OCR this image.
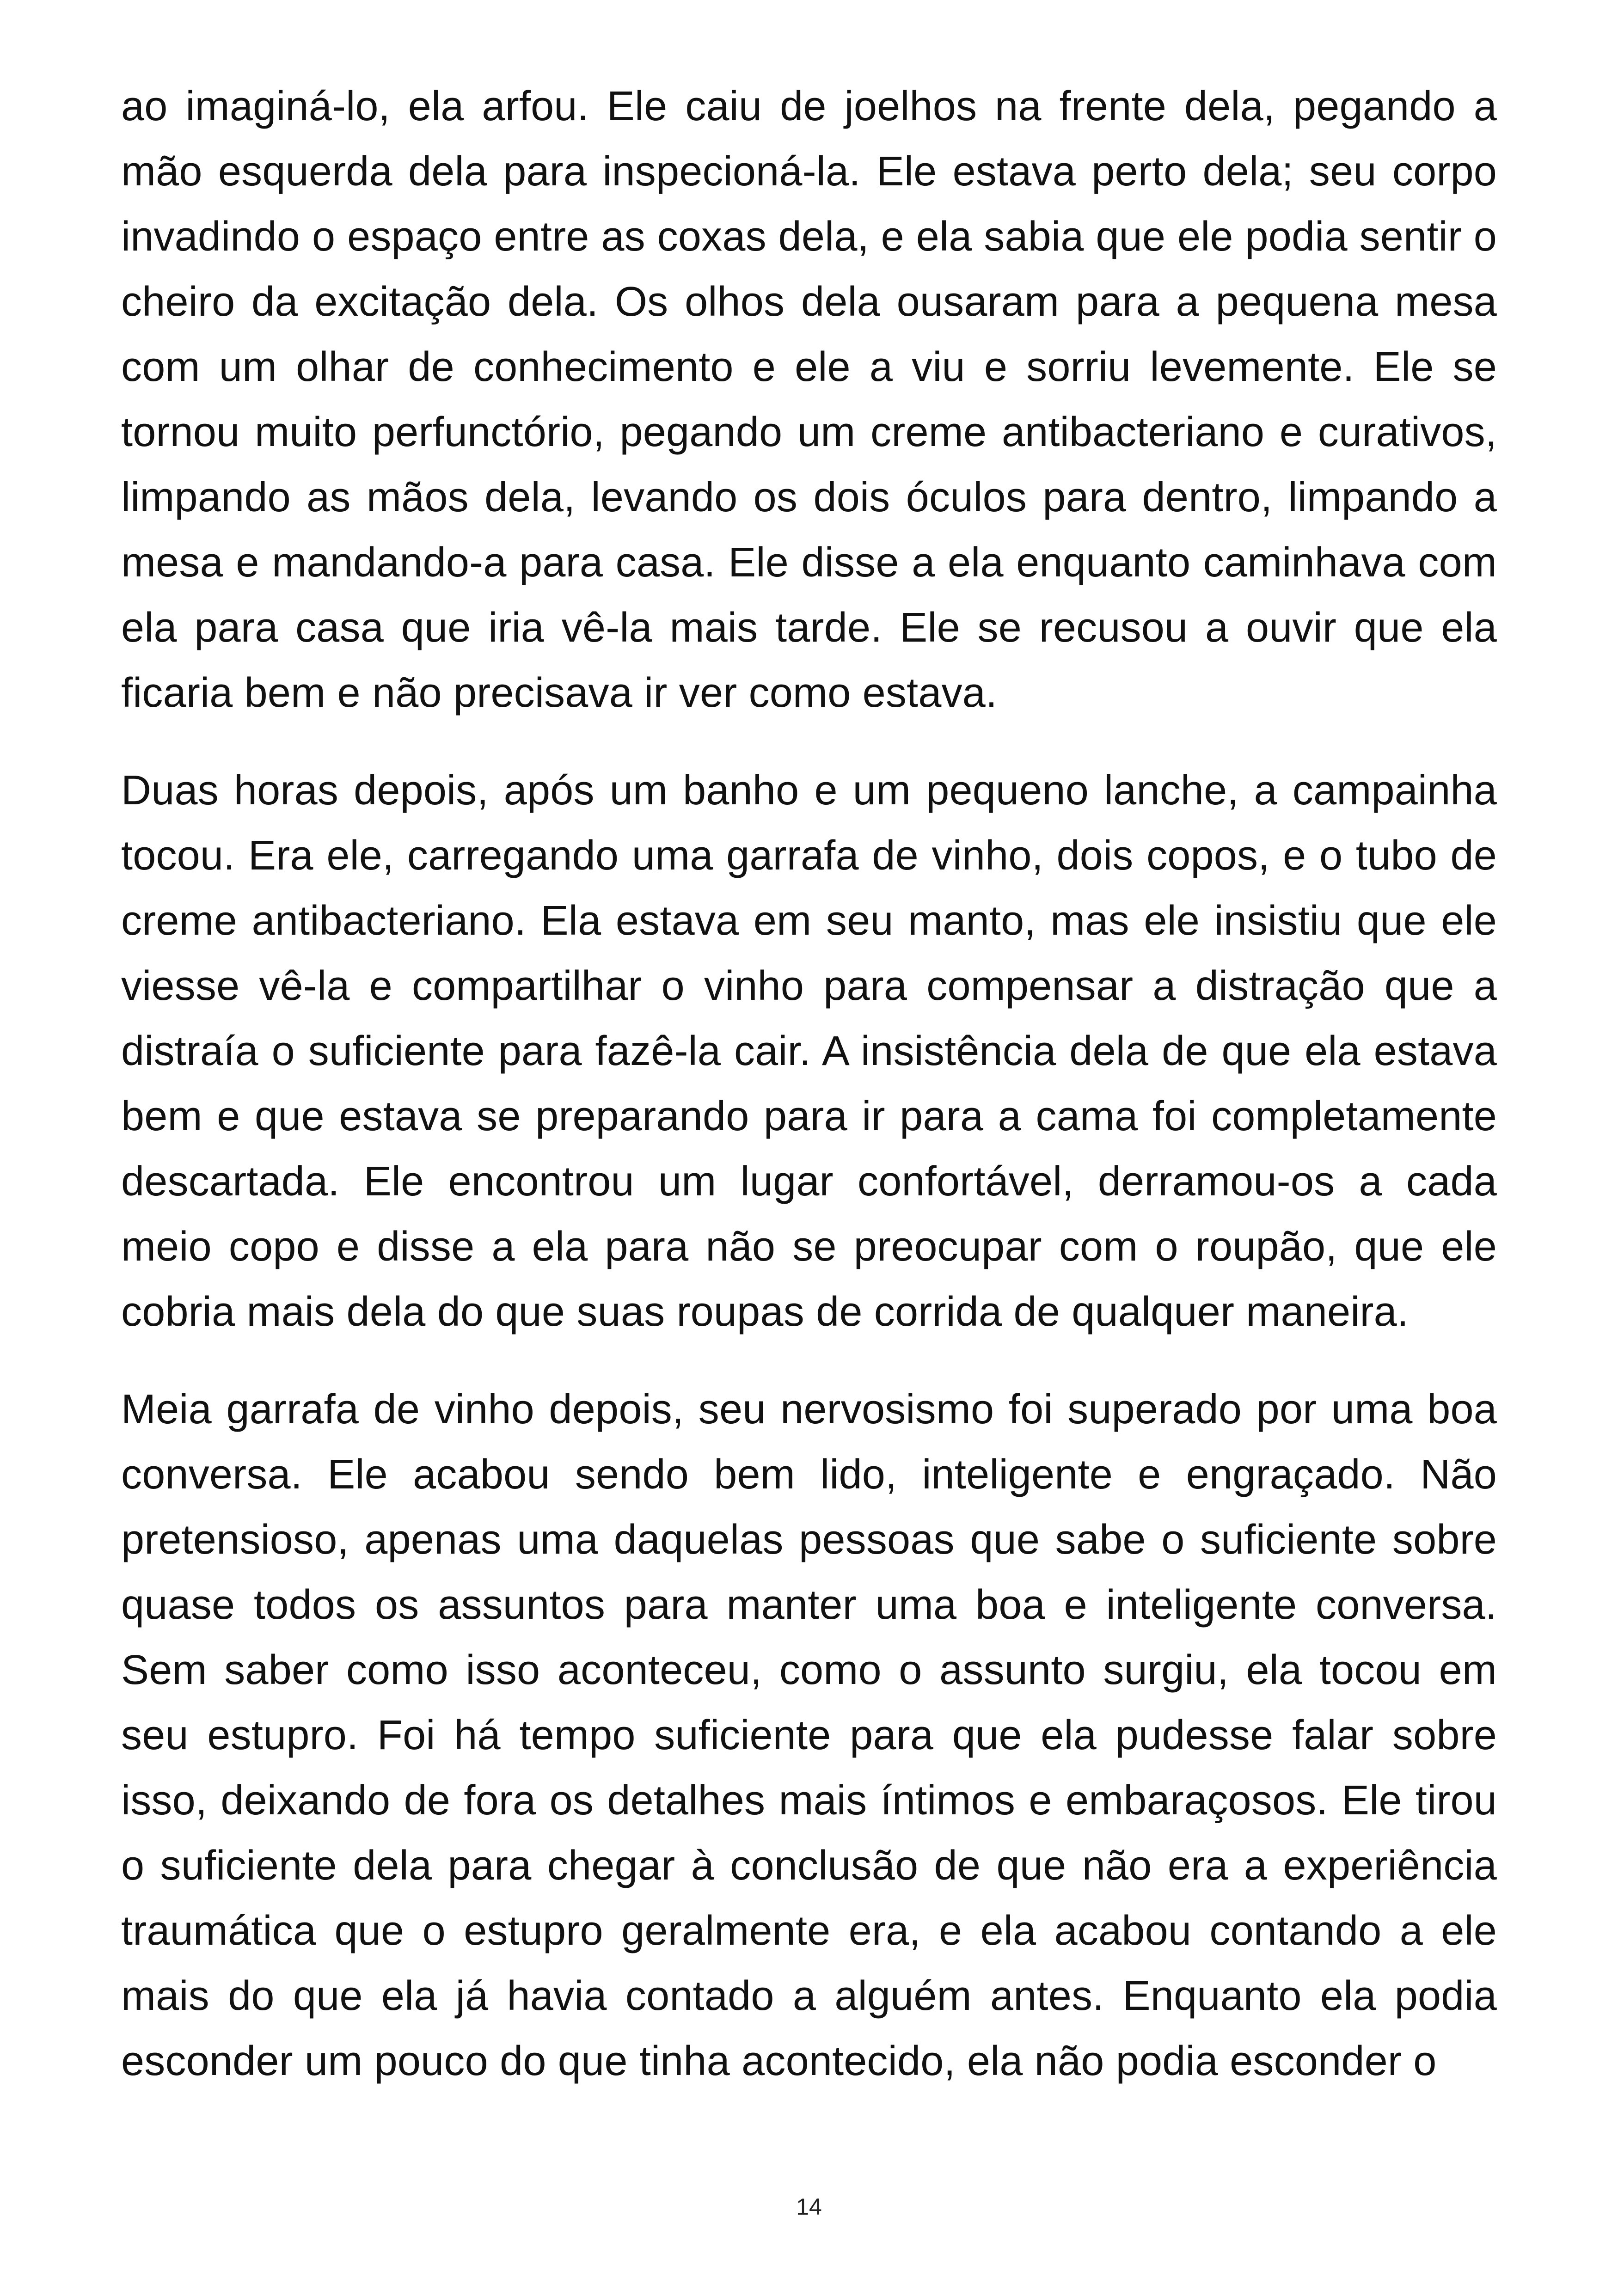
ao imaginá-lo, ela arfou. Ele caiu de joelhos na frente dela, pegando a mão esquerda dela para inspecioná-la. Ele estava perto dela; seu corpo invadindo o espaço entre as coxas dela, e ela sabia que ele podia sentir o cheiro da excitação dela. Os olhos dela ousaram para a pequena mesa com um olhar de conhecimento e ele a viu e sorriu levemente. Ele se tornou muito perfunctório, pegando um creme antibacteriano e curativos, limpando as mãos dela, levando os dois óculos para dentro, limpando a mesa e mandando-a para casa. Ele disse a ela enquanto caminhava com ela para casa que iria vê-la mais tarde. Ele se recusou a ouvir que ela ficaria bem e não precisava ir ver como estava.

Duas horas depois, após um banho e um pequeno lanche, a campainha tocou. Era ele, carregando uma garrafa de vinho, dois copos, e o tubo de creme antibacteriano. Ela estava em seu manto, mas ele insistiu que ele viesse vê-la e compartilhar o vinho para compensar a distração que a distraía o suficiente para fazê-la cair. A insistência dela de que ela estava bem e que estava se preparando para ir para a cama foi completamente descartada. Ele encontrou um lugar confortável, derramou-os a cada meio copo e disse a ela para não se preocupar com o roupão, que ele cobria mais dela do que suas roupas de corrida de qualquer maneira.

Meia garrafa de vinho depois, seu nervosismo foi superado por uma boa conversa. Ele acabou sendo bem lido, inteligente e engraçado. Não pretensioso, apenas uma daquelas pessoas que sabe o suficiente sobre quase todos os assuntos para manter uma boa e inteligente conversa. Sem saber como isso aconteceu, como o assunto surgiu, ela tocou em seu estupro. Foi há tempo suficiente para que ela pudesse falar sobre isso, deixando de fora os detalhes mais íntimos e embaraçosos. Ele tirou o suficiente dela para chegar à conclusão de que não era a experiência traumática que o estupro geralmente era, e ela acabou contando a ele mais do que ela já havia contado a alguém antes. Enquanto ela podia esconder um pouco do que tinha acontecido, ela não podia esconder o

14
